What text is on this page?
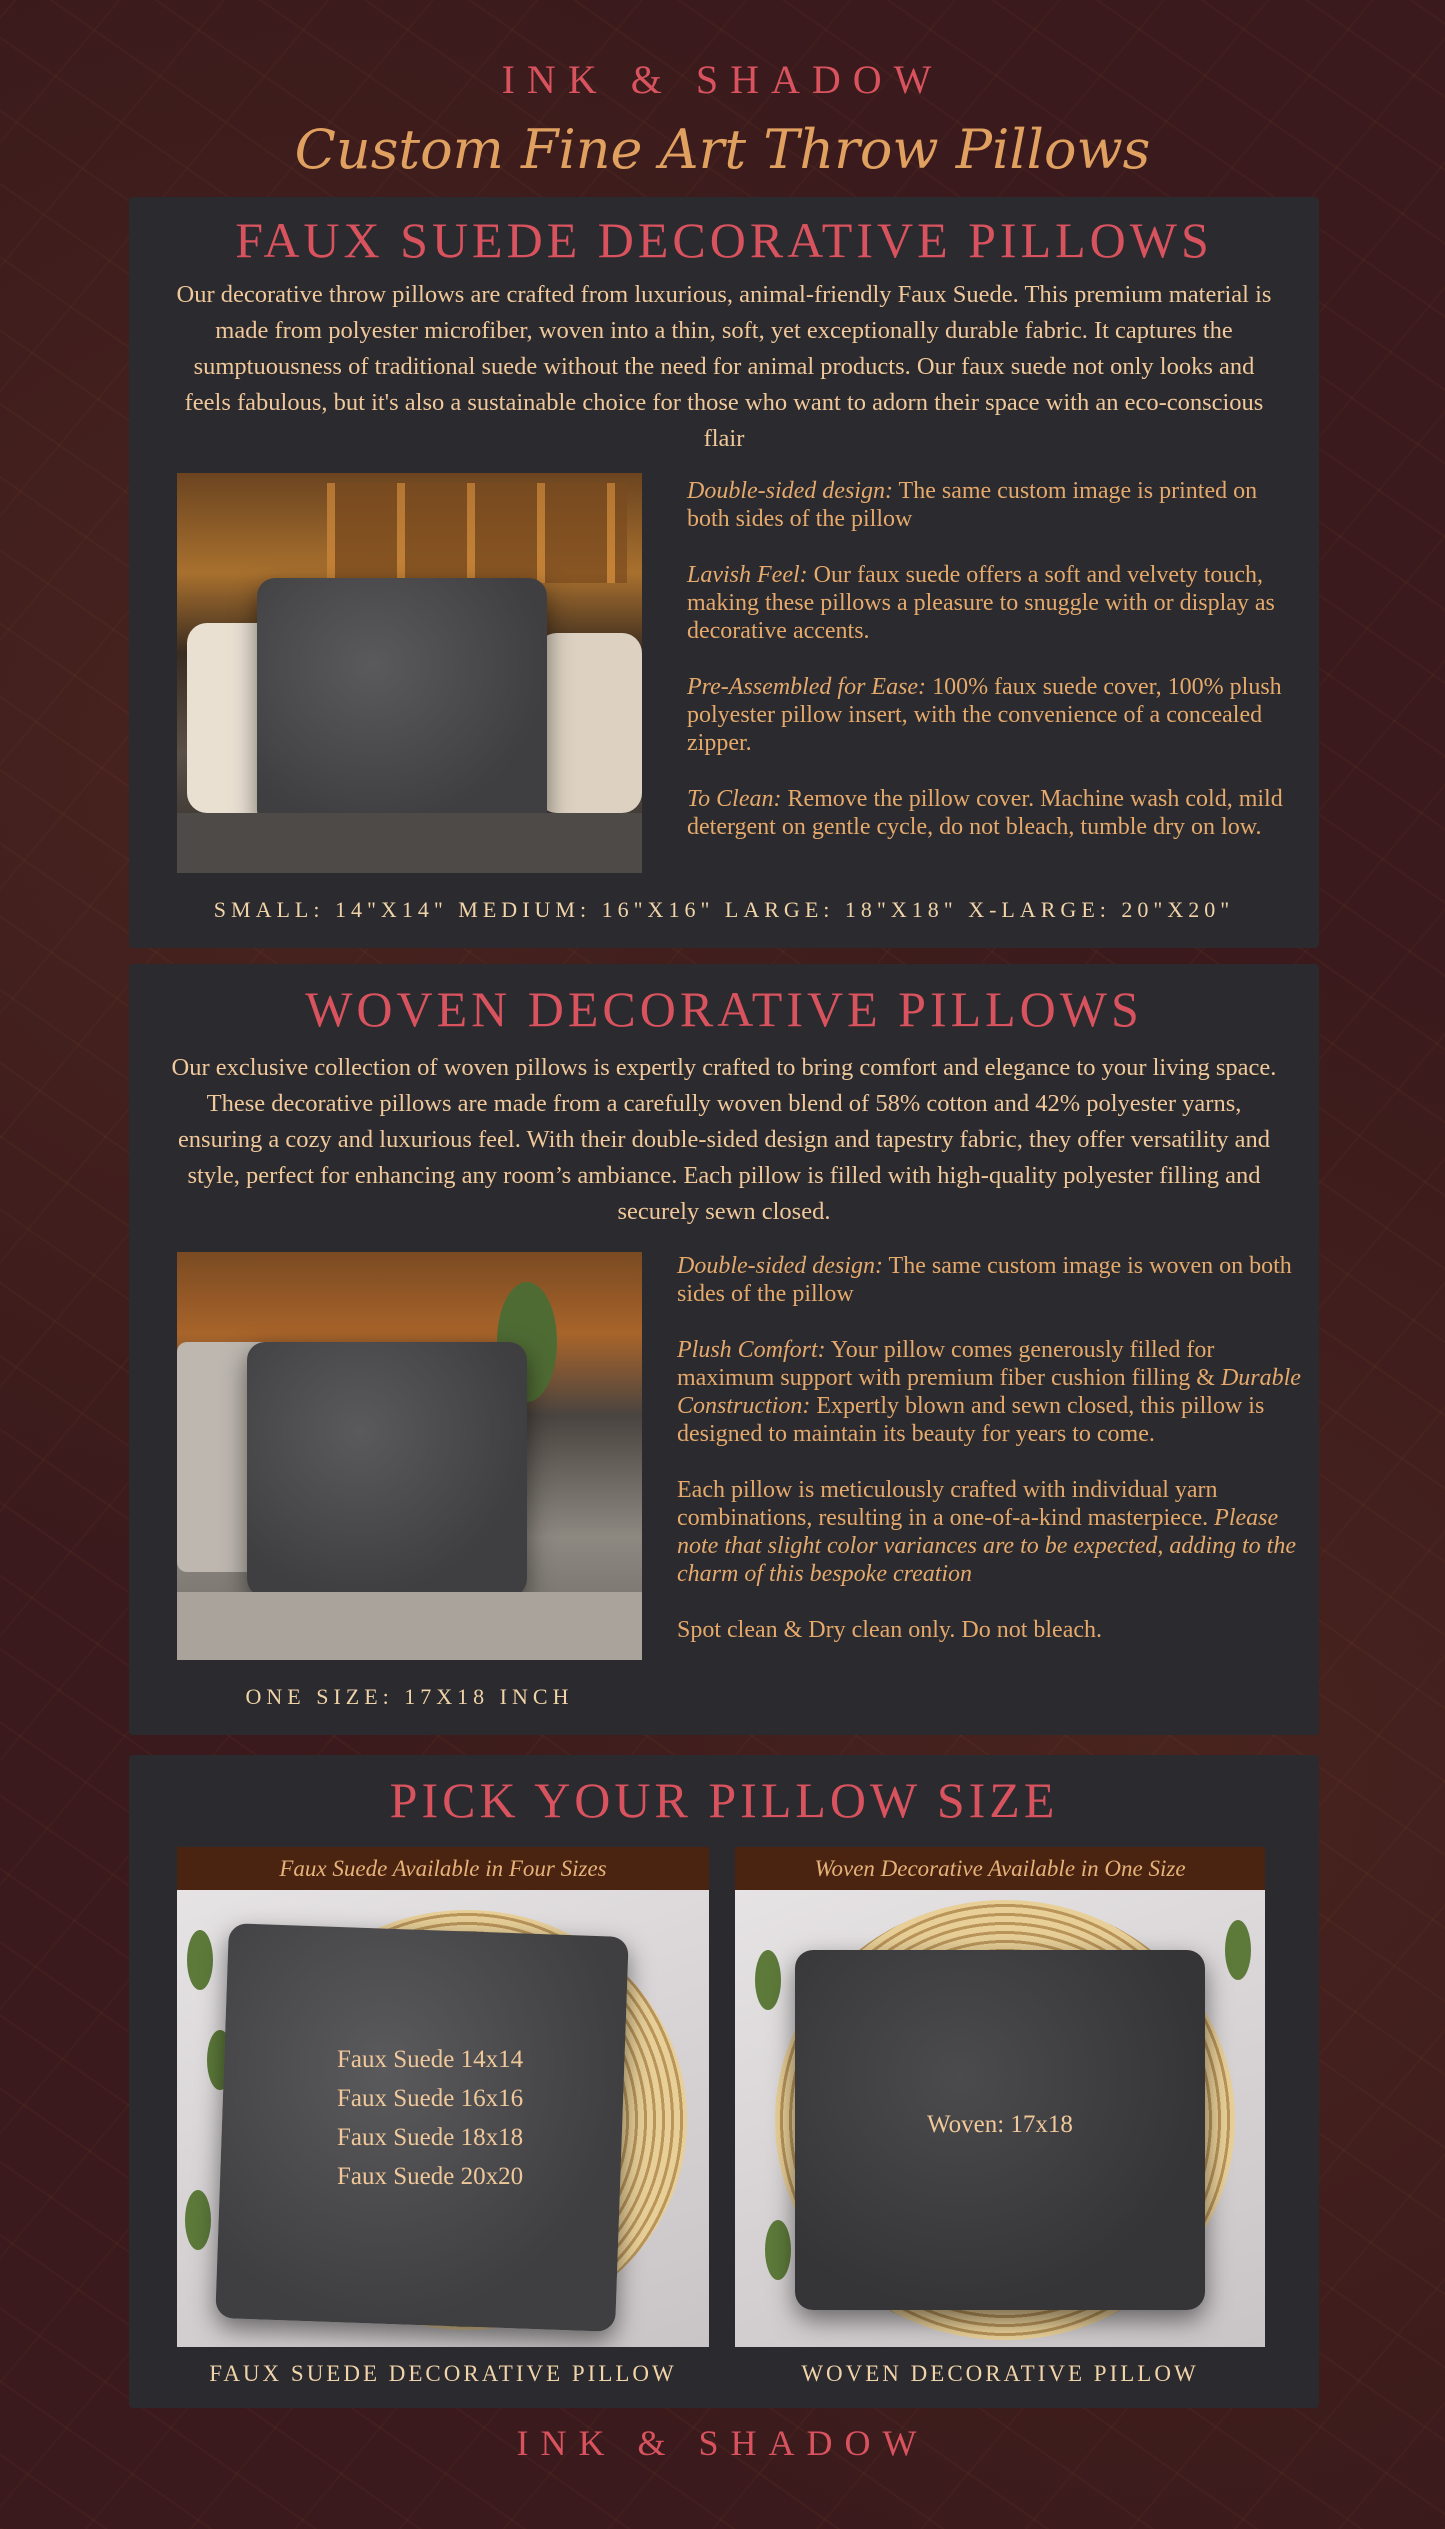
INK & SHADOW
Custom Fine Art Throw Pillows
FAUX SUEDE DECORATIVE PILLOWS
Our decorative throw pillows are crafted from luxurious, animal-friendly Faux Suede. This premium material is made from polyester microfiber, woven into a thin, soft, yet exceptionally durable fabric. It captures the sumptuousness of traditional suede without the need for animal products. Our faux suede not only looks and feels fabulous, but it's also a sustainable choice for those who want to adorn their space with an eco-conscious flair

Double-sided design: The same custom image is printed on both sides of the pillow

Lavish Feel: Our faux suede offers a soft and velvety touch, making these pillows a pleasure to snuggle with or display as decorative accents.

Pre-Assembled for Ease: 100% faux suede cover, 100% plush polyester pillow insert, with the convenience of a concealed zipper.

To Clean: Remove the pillow cover. Machine wash cold, mild detergent on gentle cycle, do not bleach, tumble dry on low.

SMALL: 14"X14" MEDIUM: 16"X16" LARGE: 18"X18" X-LARGE: 20"X20"
WOVEN DECORATIVE PILLOWS
Our exclusive collection of woven pillows is expertly crafted to bring comfort and elegance to your living space. These decorative pillows are made from a carefully woven blend of 58% cotton and 42% polyester yarns, ensuring a cozy and luxurious feel. With their double-sided design and tapestry fabric, they offer versatility and style, perfect for enhancing any room’s ambiance. Each pillow is filled with high-quality polyester filling and securely sewn closed.
ONE SIZE: 17X18 INCH

Double-sided design: The same custom image is woven on both sides of the pillow

Plush Comfort: Your pillow comes generously filled for maximum support with premium fiber cushion filling & Durable Construction: Expertly blown and sewn closed, this pillow is designed to maintain its beauty for years to come.

Each pillow is meticulously crafted with individual yarn combinations, resulting in a one-of-a-kind masterpiece. Please note that slight color variances are to be expected, adding to the charm of this bespoke creation

Spot clean & Dry clean only. Do not bleach.

PICK YOUR PILLOW SIZE
Faux Suede Available in Four Sizes
Faux Suede 14x14
Faux Suede 16x16
Faux Suede 18x18
Faux Suede 20x20
FAUX SUEDE DECORATIVE PILLOW
Woven Decorative Available in One Size
Woven: 17x18
WOVEN DECORATIVE PILLOW
INK & SHADOW
